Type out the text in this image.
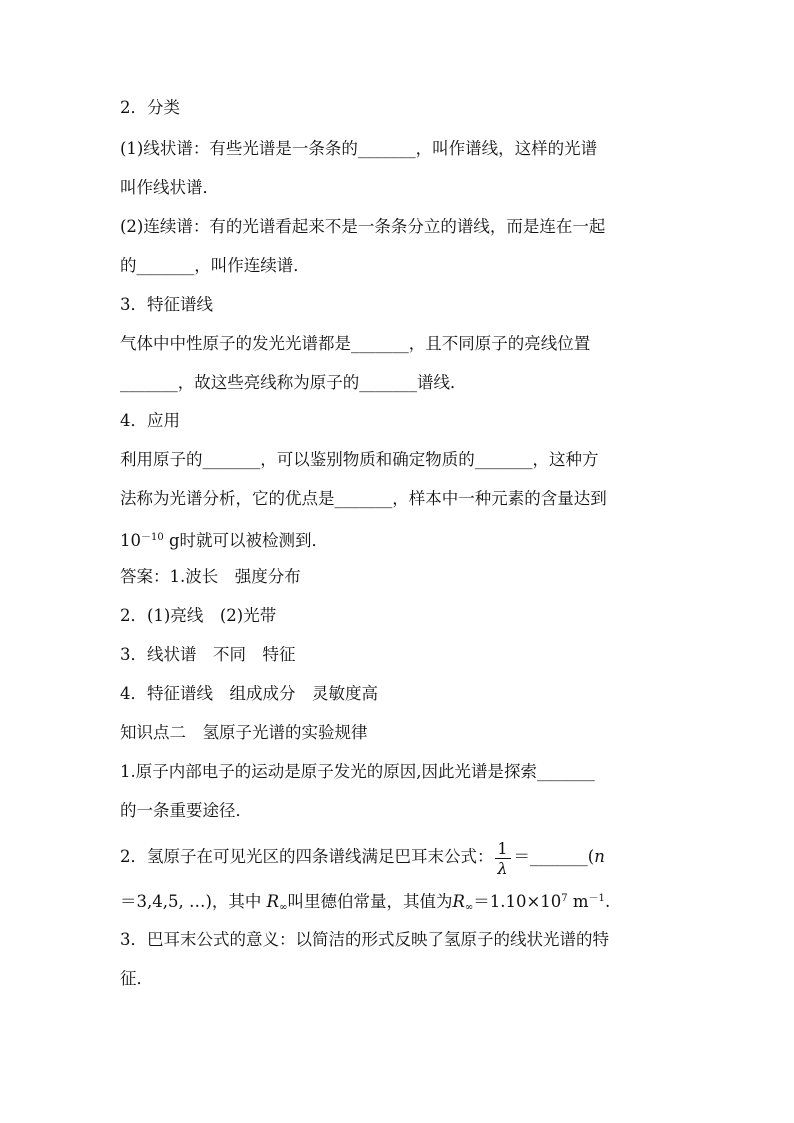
2．分类
(1)线状谱：有些光谱是一条条的_______，叫作谱线，这样的光谱
叫作线状谱．
(2)连续谱：有的光谱看起来不是一条条分立的谱线，而是连在一起
的_______，叫作连续谱．
3．特征谱线
气体中中性原子的发光光谱都是_______，且不同原子的亮线位置
_______，故这些亮线称为原子的_______谱线．
4．应用
利用原子的_______，可以鉴别物质和确定物质的_______，这种方
法称为光谱分析，它的优点是_______，样本中一种元素的含量达到
$10^{-10}$ g时就可以被检测到．
答案：1.波长　强度分布
2．(1)亮线　(2)光带
3．线状谱　不同　特征
4．特征谱线　组成成分　灵敏度高
知识点二　氢原子光谱的实验规律
1.原子内部电子的运动是原子发光的原因,因此光谱是探索_______
的一条重要途径．
2．氢原子在可见光区的四条谱线满足巴耳末公式： $\frac{1}{\lambda}$ ＝_______(n
＝3,4,5, …)，其中 $R_\infty$叫里德伯常量，其值为$R_\infty=1.10\times 10^7$ $m^{-1}$.
3．巴耳末公式的意义：以简洁的形式反映了氢原子的线状光谱的特
征．
